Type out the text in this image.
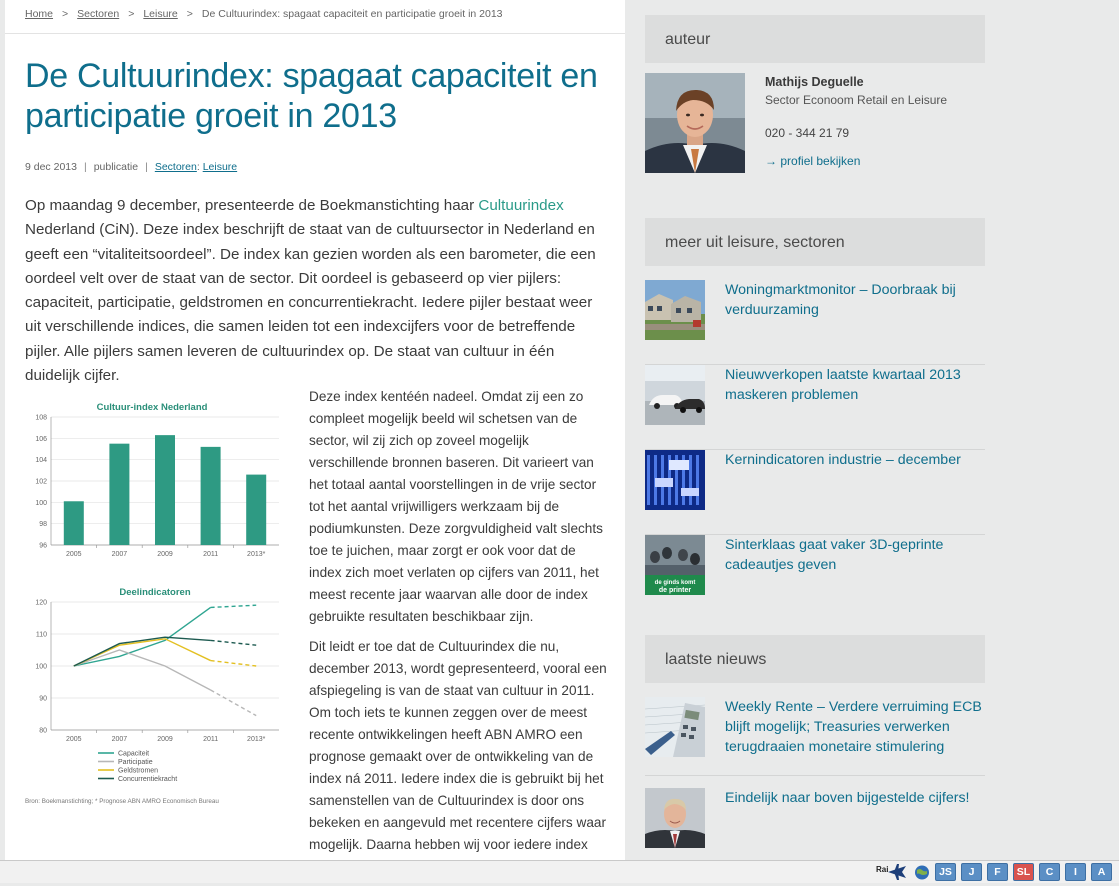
Home > Sectoren > Leisure > De Cultuurindex: spagaat capaciteit en participatie groeit in 2013
De Cultuurindex: spagaat capaciteit en participatie groeit in 2013
9 dec 2013 | publicatie | Sectoren: Leisure

Op maandag 9 december, presenteerde de Boekmanstichting haar Cultuurindex Nederland (CiN). Deze index beschrijft de staat van de cultuursector in Nederland en geeft een “vitaliteitsoordeel”. De index kan gezien worden als een barometer, die een oordeel velt over de staat van de sector. Dit oordeel is gebaseerd op vier pijlers: capaciteit, participatie, geldstromen en concurrentiekracht. Iedere pijler bestaat weer uit verschillende indices, die samen leiden tot een indexcijfers voor de betreffende pijler. Alle pijlers samen leveren de cultuurindex op. De staat van cultuur in één duidelijk cijfer.

Cultuur-index Nederland
96
98
100
102
104
106
108
2005	2007	2009	2011	2013*
Deelindicatoren
80
90
100
110
120
2005	2007	2009	2011	2013*
Capaciteit
Participatie
Geldstromen
Concurrentiekracht
Bron: Boekmanstichting; * Prognose ABN AMRO Economisch Bureau

Deze index kentéén nadeel. Omdat zij een zo compleet mogelijk beeld wil schetsen van de sector, wil zij zich op zoveel mogelijk verschillende bronnen baseren. Dit varieert van het totaal aantal voorstellingen in de vrije sector tot het aantal vrijwilligers werkzaam bij de podiumkunsten. Deze zorgvuldigheid valt slechts toe te juichen, maar zorgt er ook voor dat de index zich moet verlaten op cijfers van 2011, het meest recente jaar waarvan alle door de index gebruikte resultaten beschikbaar zijn.

Dit leidt er toe dat de Cultuurindex die nu, december 2013, wordt gepresenteerd, vooral een afspiegeling is van de staat van cultuur in 2011. Om toch iets te kunnen zeggen over de meest recente ontwikkelingen heeft ABN AMRO een prognose gemaakt over de ontwikkeling van de index ná 2011. Iedere index die is gebruikt bij het samenstellen van de Cultuurindex is door ons bekeken en aangevuld met recentere cijfers waar mogelijk. Daarna hebben wij voor iedere index

auteur
Mathijs Deguelle
Sector Econoom Retail en Leisure
020 - 344 21 79
→ profiel bekijken
meer uit leisure, sectoren
Woningmarktmonitor – Doorbraak bij verduurzaming
Nieuwverkopen laatste kwartaal 2013 maskeren problemen
Kernindicatoren industrie – december
de ginds komt
de printer
Sinterklaas gaat vaker 3D-geprinte cadeautjes geven
laatste nieuws
Weekly Rente – Verdere verruiming ECB blijft mogelijk; Treasuries verwerken terugdraaien monetaire stimulering
Eindelijk naar boven bijgestelde cijfers!
Rai	JS	J	F	SL	C	I	A
